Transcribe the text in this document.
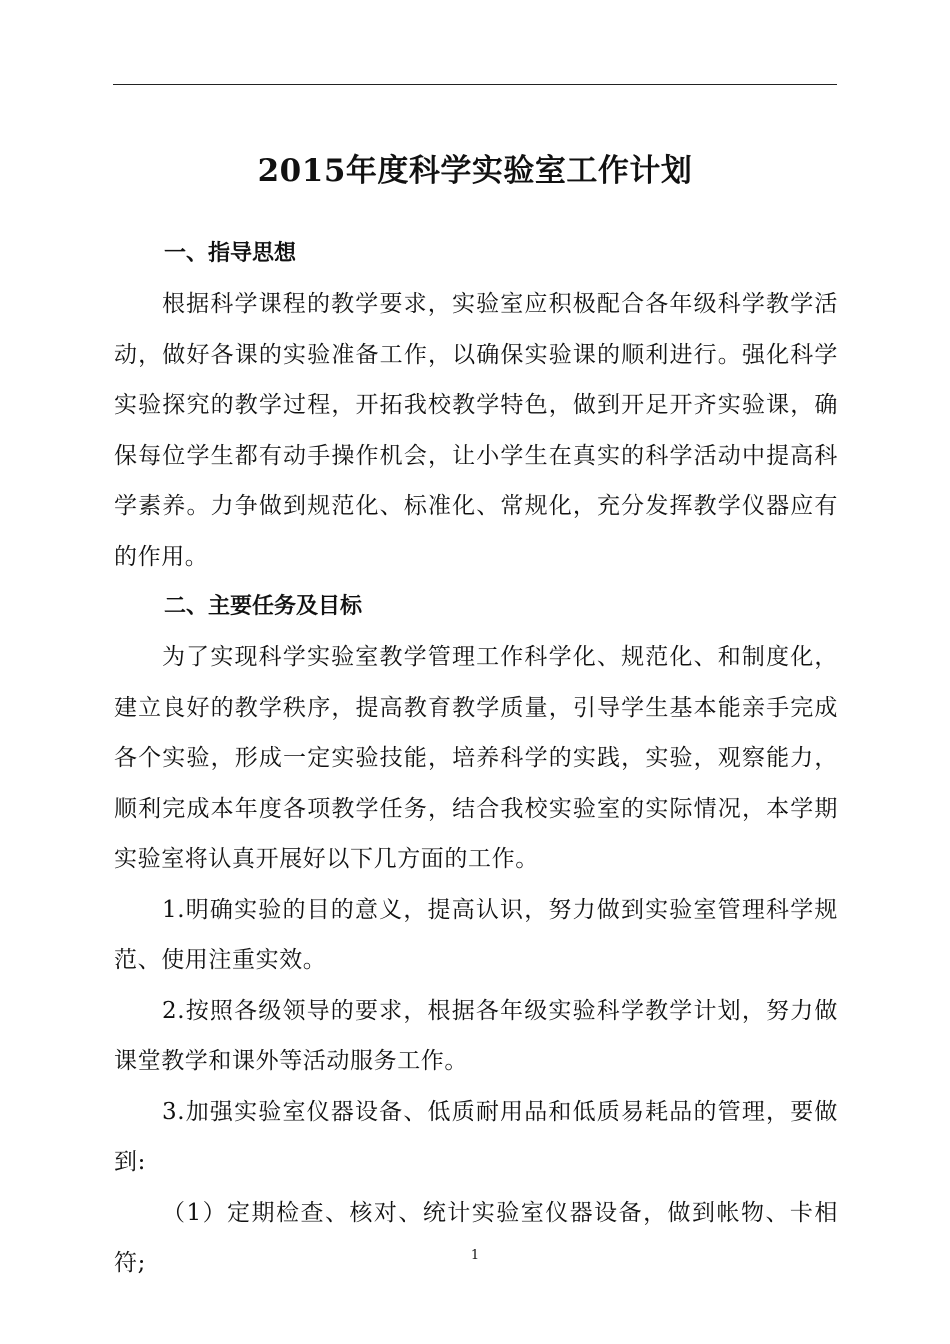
2015年度科学实验室工作计划
一、指导思想

根据科学课程的教学要求，实验室应积极配合各年级科学教学活动，做好各课的实验准备工作，以确保实验课的顺利进行。强化科学实验探究的教学过程，开拓我校教学特色，做到开足开齐实验课，确保每位学生都有动手操作机会，让小学生在真实的科学活动中提高科学素养。力争做到规范化、标准化、常规化，充分发挥教学仪器应有的作用。

二、主要任务及目标

为了实现科学实验室教学管理工作科学化、规范化、和制度化，建立良好的教学秩序，提高教育教学质量，引导学生基本能亲手完成各个实验，形成一定实验技能，培养科学的实践，实验，观察能力，顺利完成本年度各项教学任务，结合我校实验室的实际情况，本学期实验室将认真开展好以下几方面的工作。

1.明确实验的目的意义，提高认识，努力做到实验室管理科学规范、使用注重实效。

2.按照各级领导的要求，根据各年级实验科学教学计划，努力做课堂教学和课外等活动服务工作。

3.加强实验室仪器设备、低质耐用品和低质易耗品的管理，要做到:

（1）定期检查、核对、统计实验室仪器设备，做到帐物、卡相符;	1
